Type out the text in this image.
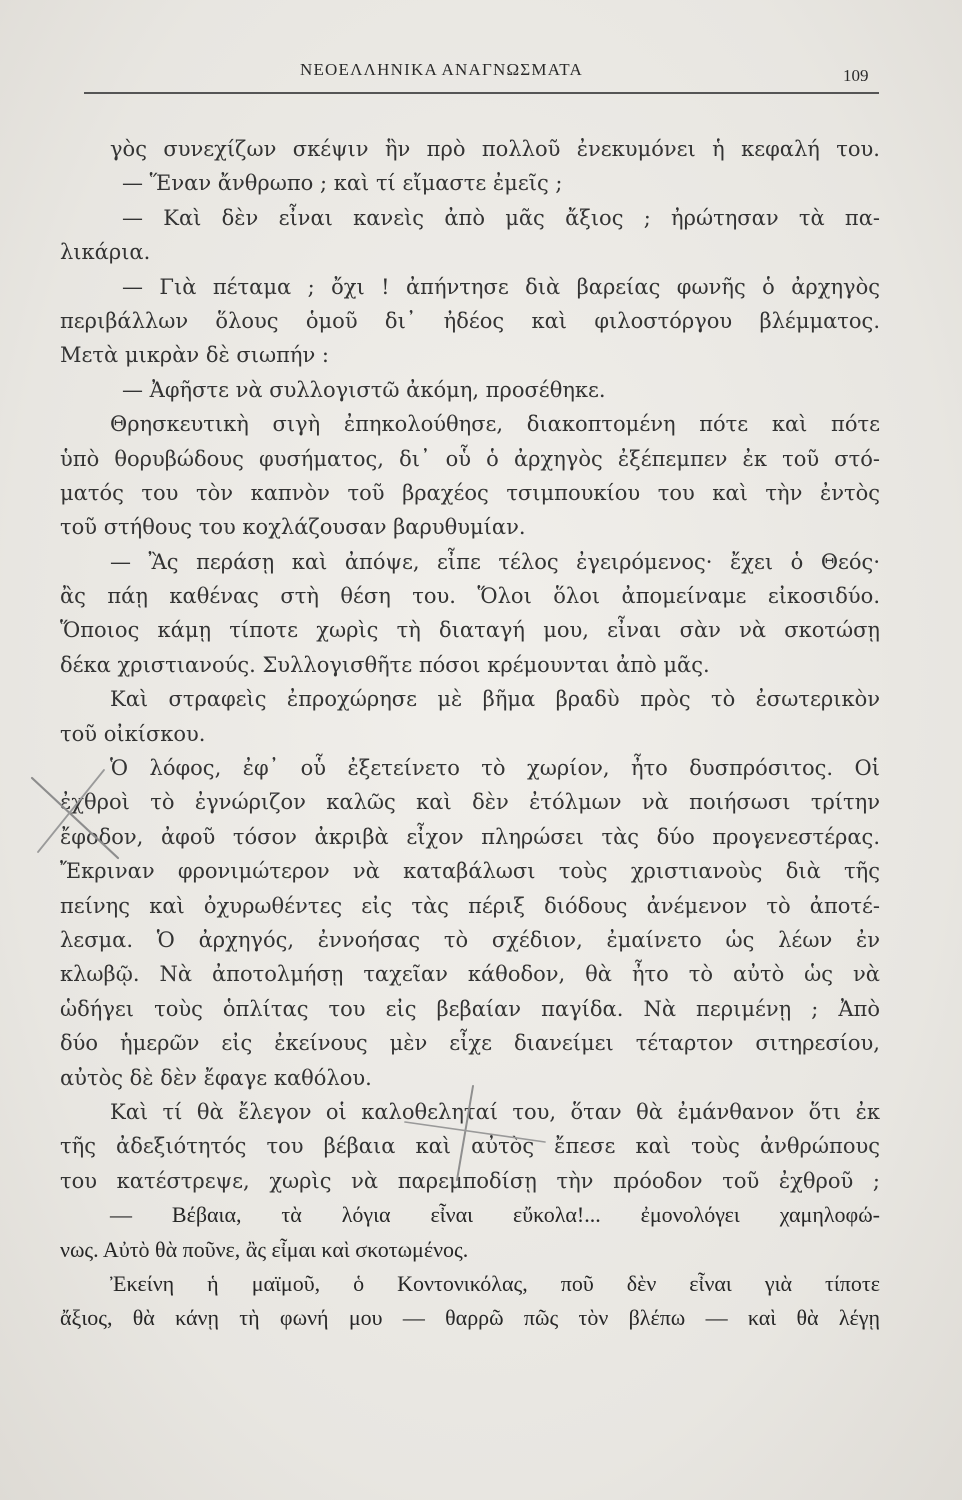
ΝΕΟΕΛΛΗΝΙΚΑ ΑΝΑΓΝΩΣΜΑΤΑ	109
γὸς συνεχίζων σκέψιν ἣν πρὸ πολλοῦ ἐνεκυμόνει ἡ κεφαλή του.
— Ἕναν ἄνθρωπο ; καὶ τί εἴμαστε ἐμεῖς ;
— Καὶ δὲν εἶναι κανεὶς ἀπὸ μᾶς ἄξιος ; ἠρώτησαν τὰ πα-
λικάρια.
— Γιὰ πέταμα ; ὄχι ! ἀπήντησε διὰ βαρείας φωνῆς ὁ ἀρχηγὸς
περιβάλλων ὅλους ὁμοῦ δι᾽ ἠδέος καὶ φιλοστόργου βλέμματος.
Μετὰ μικρὰν δὲ σιωπήν :
— Ἀφῆστε νὰ συλλογιστῶ ἀκόμη, προσέθηκε.
Θρησκευτικὴ σιγὴ ἐπηκολούθησε, διακοπτομένη πότε καὶ πότε
ὑπὸ θορυβώδους φυσήματος, δι᾽ οὗ ὁ ἀρχηγὸς ἐξέπεμπεν ἐκ τοῦ στό-
ματός του τὸν καπνὸν τοῦ βραχέος τσιμπουκίου του καὶ τὴν ἐντὸς
τοῦ στήθους του κοχλάζουσαν βαρυθυμίαν.
— Ἂς περάσῃ καὶ ἀπόψε, εἶπε τέλος ἐγειρόμενος· ἔχει ὁ Θεός·
ἂς πάῃ καθένας στὴ θέση του. Ὅλοι ὅλοι ἀπομείναμε εἰκοσιδύο.
Ὅποιος κάμῃ τίποτε χωρὶς τὴ διαταγή μου, εἶναι σὰν νὰ σκοτώσῃ
δέκα χριστιανούς. Συλλογισθῆτε πόσοι κρέμουνται ἀπὸ μᾶς.
Καὶ στραφεὶς ἐπροχώρησε μὲ βῆμα βραδὺ πρὸς τὸ ἐσωτερικὸν
τοῦ οἰκίσκου.
Ὁ λόφος, ἐφ᾽ οὗ ἐξετείνετο τὸ χωρίον, ἦτο δυσπρόσιτος. Οἱ
ἐχθροὶ τὸ ἐγνώριζον καλῶς καὶ δὲν ἐτόλμων νὰ ποιήσωσι τρίτην
ἔφοδον, ἀφοῦ τόσον ἀκριβὰ εἶχον πληρώσει τὰς δύο προγενεστέρας.
Ἔκριναν φρονιμώτερον νὰ καταβάλωσι τοὺς χριστιανοὺς διὰ τῆς
πείνης καὶ ὀχυρωθέντες εἰς τὰς πέριξ διόδους ἀνέμενον τὸ ἀποτέ-
λεσμα. Ὁ ἀρχηγός, ἐννοήσας τὸ σχέδιον, ἐμαίνετο ὡς λέων ἐν
κλωβῷ. Νὰ ἀποτολμήσῃ ταχεῖαν κάθοδον, θὰ ἦτο τὸ αὐτὸ ὡς νὰ
ὡδήγει τοὺς ὁπλίτας του εἰς βεβαίαν παγίδα. Νὰ περιμένῃ ; Ἀπὸ
δύο ἡμερῶν εἰς ἐκείνους μὲν εἶχε διανείμει τέταρτον σιτηρεσίου,
αὐτὸς δὲ δὲν ἔφαγε καθόλου.
Καὶ τί θὰ ἔλεγον οἱ καλοθεληταί του, ὅταν θὰ ἐμάνθανον ὅτι ἐκ
τῆς ἀδεξιότητός του βέβαια καὶ αὐτὸς ἔπεσε καὶ τοὺς ἀνθρώπους
του κατέστρεψε, χωρὶς νὰ παρεμποδίσῃ τὴν πρόοδον τοῦ ἐχθροῦ ;
— Βέβαια, τὰ λόγια εἶναι εὔκολα!... ἐμονολόγει χαμηλοφώ-
νως. Αὐτὸ θὰ ποῦνε, ἂς εἶμαι καὶ σκοτωμένος.
Ἐκείνη ἡ μαϊμοῦ, ὁ Κοντονικόλας, ποῦ δὲν εἶναι γιὰ τίποτε
ἄξιος, θὰ κάνῃ τὴ φωνή μου — θαρρῶ πῶς τὸν βλέπω — καὶ θὰ λέγῃ
